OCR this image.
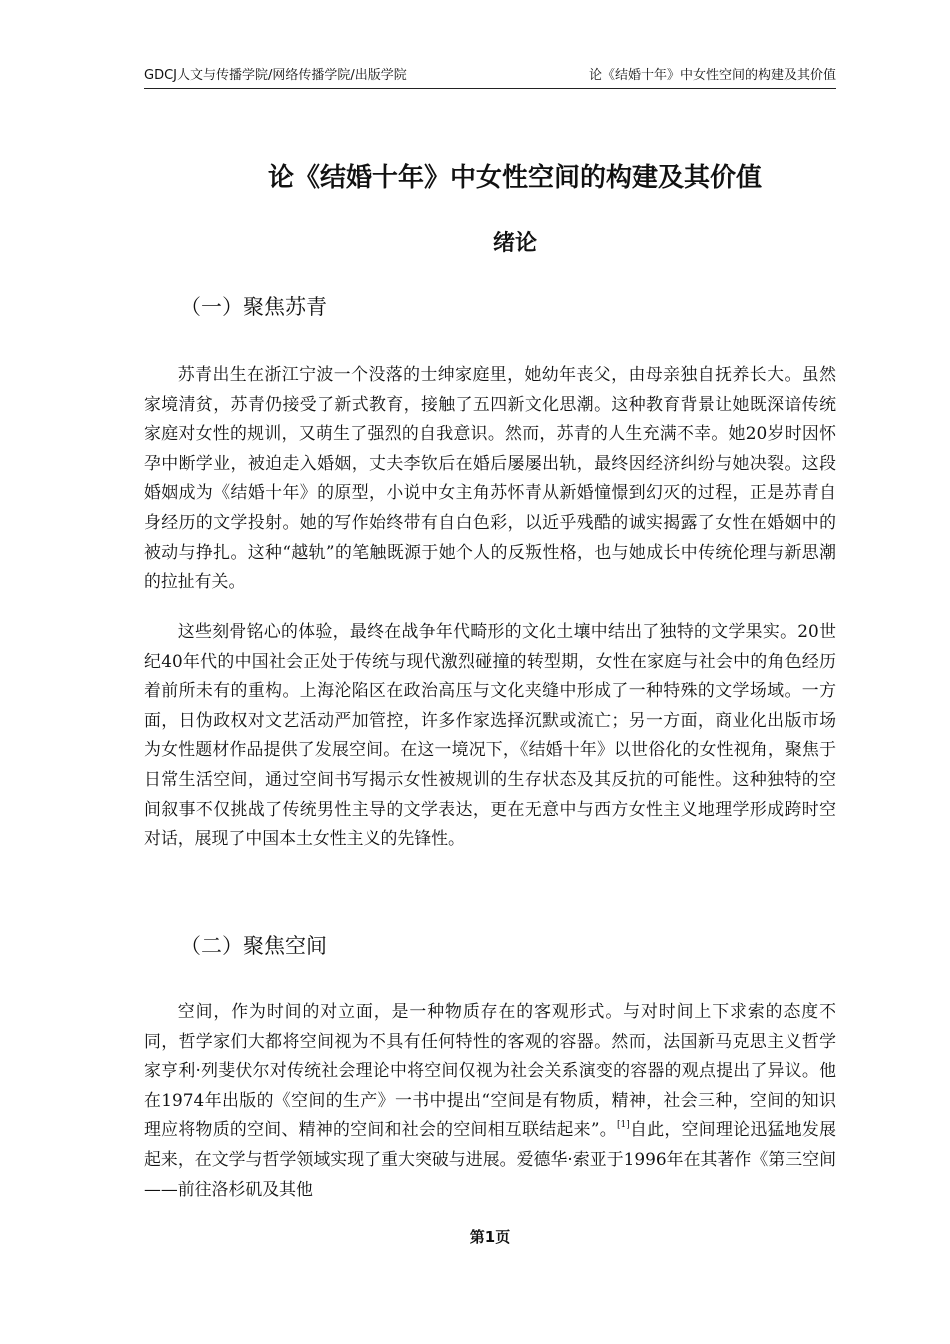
GDCJ人文与传播学院/网络传播学院/出版学院	论《结婚十年》中女性空间的构建及其价值
论《结婚十年》中女性空间的构建及其价值
绪论
（一）聚焦苏青

苏青出生在浙江宁波一个没落的士绅家庭里，她幼年丧父，由母亲独自抚养长大。虽然家境清贫，苏青仍接受了新式教育，接触了五四新文化思潮。这种教育背景让她既深谙传统家庭对女性的规训，又萌生了强烈的自我意识。然而，苏青的人生充满不幸。她20岁时因怀孕中断学业，被迫走入婚姻，丈夫李钦后在婚后屡屡出轨，最终因经济纠纷与她决裂。这段婚姻成为《结婚十年》的原型，小说中女主角苏怀青从新婚憧憬到幻灭的过程，正是苏青自身经历的文学投射。她的写作始终带有自白色彩，以近乎残酷的诚实揭露了女性在婚姻中的被动与挣扎。这种“越轨”的笔触既源于她个人的反叛性格，也与她成长中传统伦理与新思潮的拉扯有关。

这些刻骨铭心的体验，最终在战争年代畸形的文化土壤中结出了独特的文学果实。20世纪40年代的中国社会正处于传统与现代激烈碰撞的转型期，女性在家庭与社会中的角色经历着前所未有的重构。上海沦陷区在政治高压与文化夹缝中形成了一种特殊的文学场域。一方面，日伪政权对文艺活动严加管控，许多作家选择沉默或流亡；另一方面，商业化出版市场为女性题材作品提供了发展空间。在这一境况下，《结婚十年》以世俗化的女性视角，聚焦于日常生活空间，通过空间书写揭示女性被规训的生存状态及其反抗的可能性。这种独特的空间叙事不仅挑战了传统男性主导的文学表达，更在无意中与西方女性主义地理学形成跨时空对话，展现了中国本土女性主义的先锋性。

（二）聚焦空间

空间，作为时间的对立面，是一种物质存在的客观形式。与对时间上下求索的态度不同，哲学家们大都将空间视为不具有任何特性的客观的容器。然而，法国新马克思主义哲学家亨利·列斐伏尔对传统社会理论中将空间仅视为社会关系演变的容器的观点提出了异议。他在1974年出版的《空间的生产》一书中提出“空间是有物质，精神，社会三种，空间的知识理应将物质的空间、精神的空间和社会的空间相互联结起来”。[1]自此，空间理论迅猛地发展起来，在文学与哲学领域实现了重大突破与进展。爱德华·索亚于1996年在其著作《第三空间——前往洛杉矶及其他

第1页
